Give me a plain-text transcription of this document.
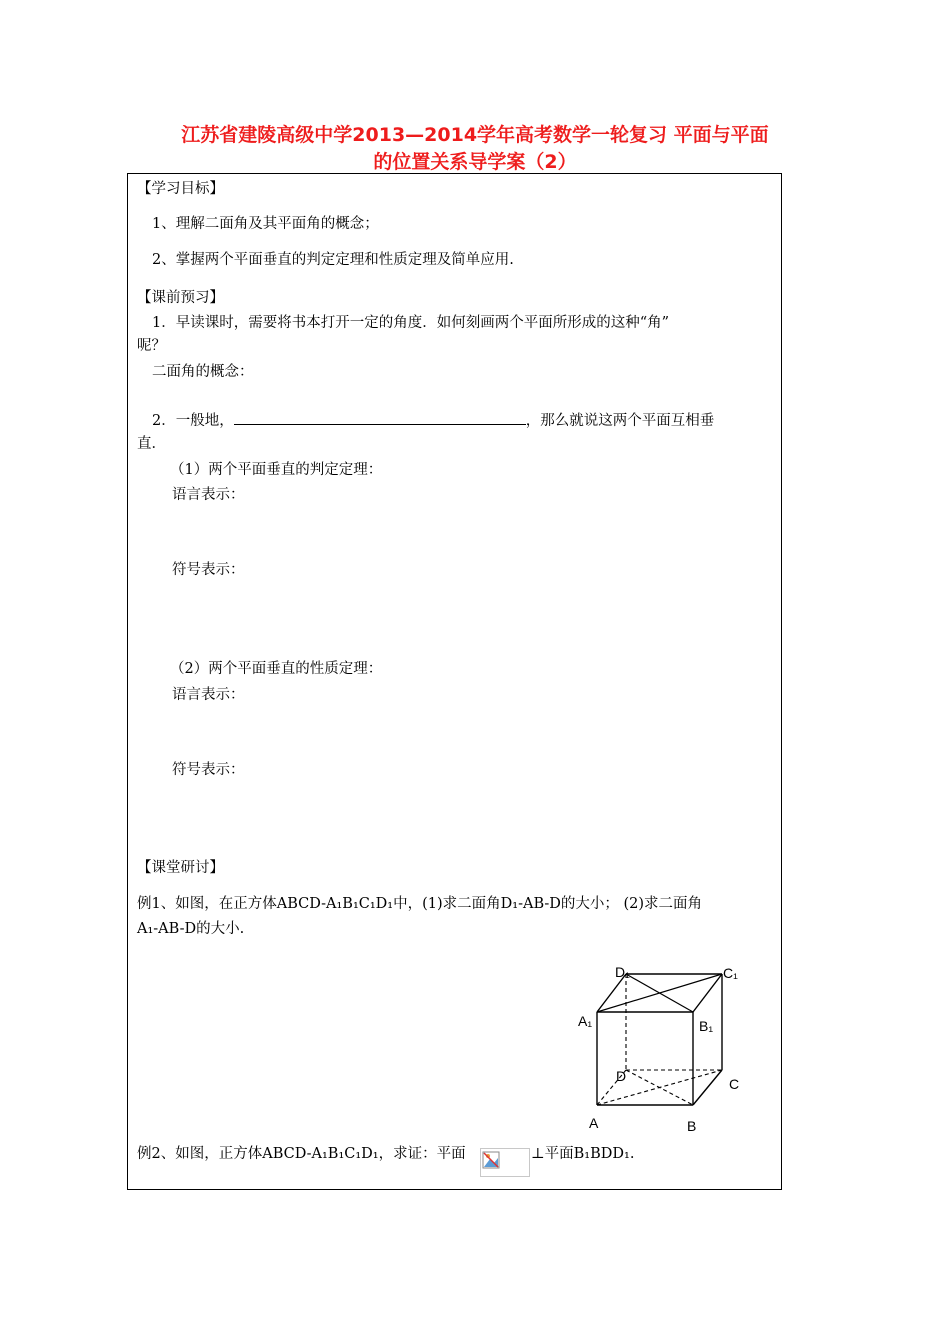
江苏省建陵高级中学2013—2014学年高考数学一轮复习 平面与平面
的位置关系导学案（2）
【学习目标】
1、理解二面角及其平面角的概念；
2、掌握两个平面垂直的判定定理和性质定理及简单应用.
【课前预习】
1．早读课时，需要将书本打开一定的角度．如何刻画两个平面所形成的这种“角”
呢？
二面角的概念：
2．一般地，	，那么就说这两个平面互相垂
直．
（1）两个平面垂直的判定定理：
语言表示：
符号表示：
（2）两个平面垂直的性质定理：
语言表示：
符号表示：
【课堂研讨】
例1、如图，在正方体ABCD-A₁B₁C₁D₁中，(1)求二面角D₁-AB-D的大小； (2)求二面角
A₁-AB-D的大小.
D₁	C₁
A₁	B₁
D	C
A	B
例2、如图，正方体ABCD-A₁B₁C₁D₁，求证：平面	⊥平面B₁BDD₁.
